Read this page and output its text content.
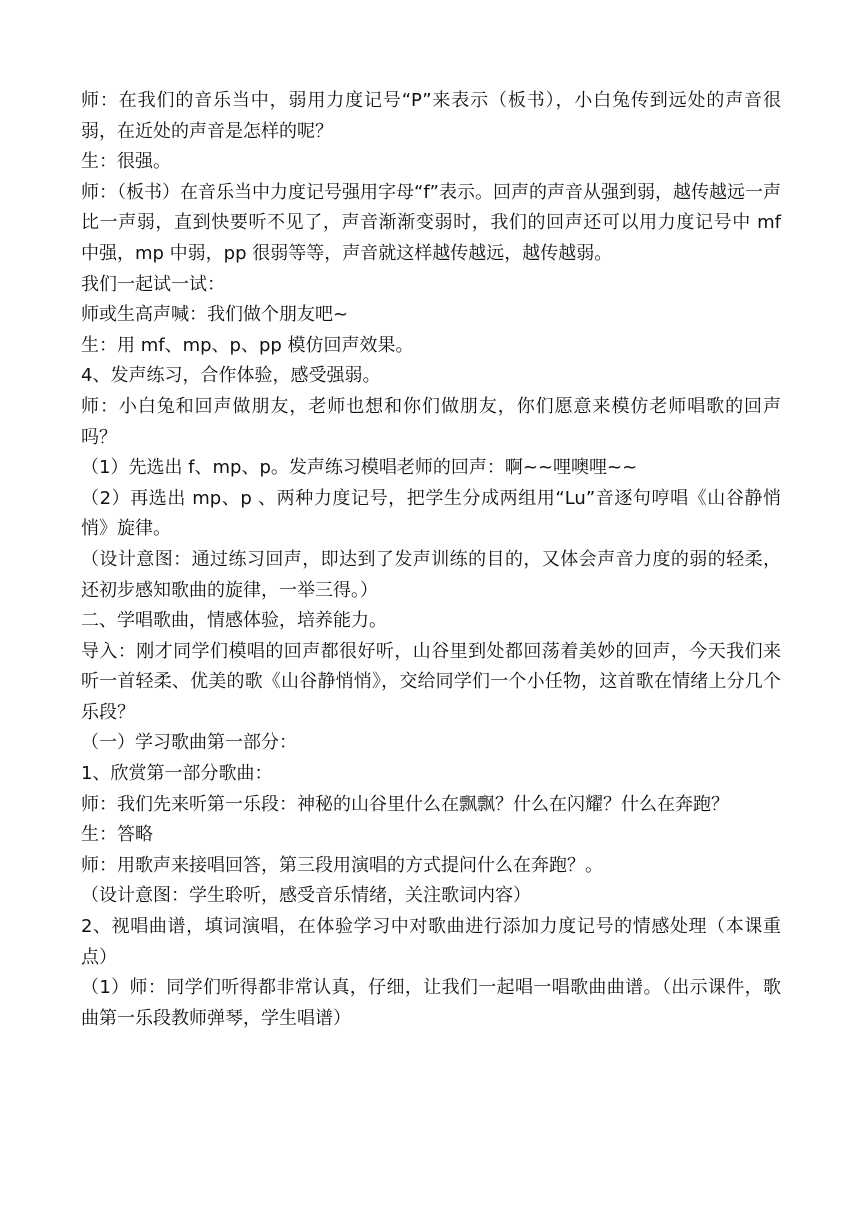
师：在我们的音乐当中，弱用力度记号“P”来表示（板书），小白兔传到远处的声音很弱，在近处的声音是怎样的呢？

生：很强。

师：（板书）在音乐当中力度记号强用字母“f”表示。回声的声音从强到弱，越传越远一声比一声弱，直到快要听不见了，声音渐渐变弱时，我们的回声还可以用力度记号中 mf 中强，mp 中弱，pp 很弱等等，声音就这样越传越远，越传越弱。

我们一起试一试：

师或生高声喊：我们做个朋友吧~

生：用 mf、mp、p、pp 模仿回声效果。

4、发声练习，合作体验，感受强弱。

师：小白兔和回声做朋友，老师也想和你们做朋友，你们愿意来模仿老师唱歌的回声吗？

（1）先选出 f、mp、p。发声练习模唱老师的回声：啊~~哩噢哩~~

（2）再选出 mp、p 、两种力度记号，把学生分成两组用“Lu”音逐句哼唱《山谷静悄悄》旋律。

（设计意图：通过练习回声，即达到了发声训练的目的，又体会声音力度的弱的轻柔，还初步感知歌曲的旋律，一举三得。）

二、学唱歌曲，情感体验，培养能力。

导入：刚才同学们模唱的回声都很好听，山谷里到处都回荡着美妙的回声，今天我们来听一首轻柔、优美的歌《山谷静悄悄》，交给同学们一个小任物，这首歌在情绪上分几个乐段？

（一）学习歌曲第一部分：

1、欣赏第一部分歌曲：

师：我们先来听第一乐段：神秘的山谷里什么在飘飘？什么在闪耀？什么在奔跑？

生：答略

师：用歌声来接唱回答，第三段用演唱的方式提问什么在奔跑？。

（设计意图：学生聆听，感受音乐情绪，关注歌词内容）

2、视唱曲谱，填词演唱，在体验学习中对歌曲进行添加力度记号的情感处理（本课重点）

（1）师：同学们听得都非常认真，仔细，让我们一起唱一唱歌曲曲谱。（出示课件，歌曲第一乐段教师弹琴，学生唱谱）
